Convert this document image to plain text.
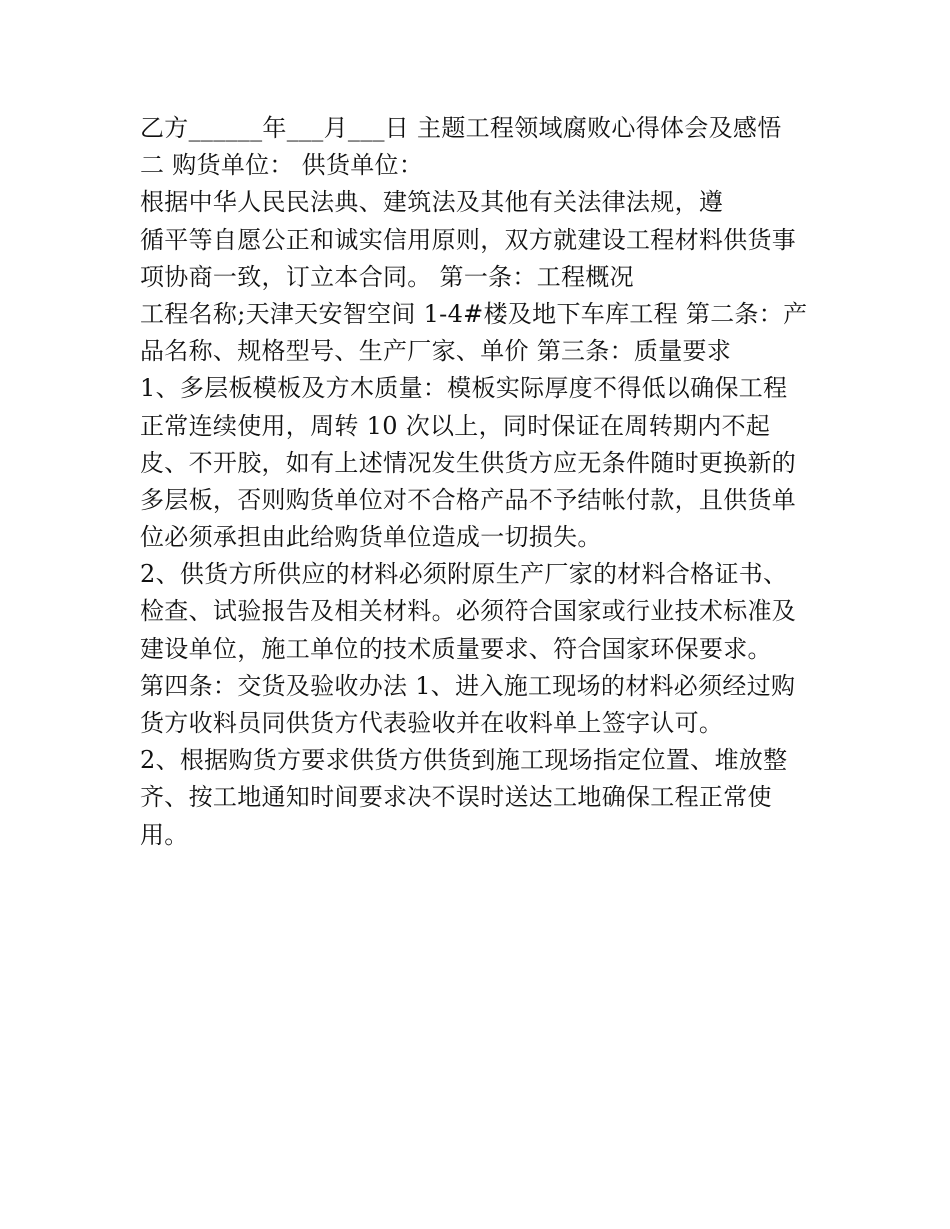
乙方______年___月___日 主题工程领域腐败心得体会及感悟
二 购货单位： 供货单位：
根据中华人民民法典、建筑法及其他有关法律法规，遵
循平等自愿公正和诚实信用原则，双方就建设工程材料供货事
项协商一致，订立本合同。 第一条：工程概况
工程名称;天津天安智空间 1-4#楼及地下车库工程 第二条：产
品名称、规格型号、生产厂家、单价 第三条：质量要求
1、多层板模板及方木质量：模板实际厚度不得低以确保工程
正常连续使用，周转 10 次以上，同时保证在周转期内不起
皮、不开胶，如有上述情况发生供货方应无条件随时更换新的
多层板，否则购货单位对不合格产品不予结帐付款，且供货单
位必须承担由此给购货单位造成一切损失。
2、供货方所供应的材料必须附原生产厂家的材料合格证书、
检查、试验报告及相关材料。必须符合国家或行业技术标准及
建设单位，施工单位的技术质量要求、符合国家环保要求。
第四条：交货及验收办法 1、进入施工现场的材料必须经过购
货方收料员同供货方代表验收并在收料单上签字认可。
2、根据购货方要求供货方供货到施工现场指定位置、堆放整
齐、按工地通知时间要求决不误时送达工地确保工程正常使
用。
